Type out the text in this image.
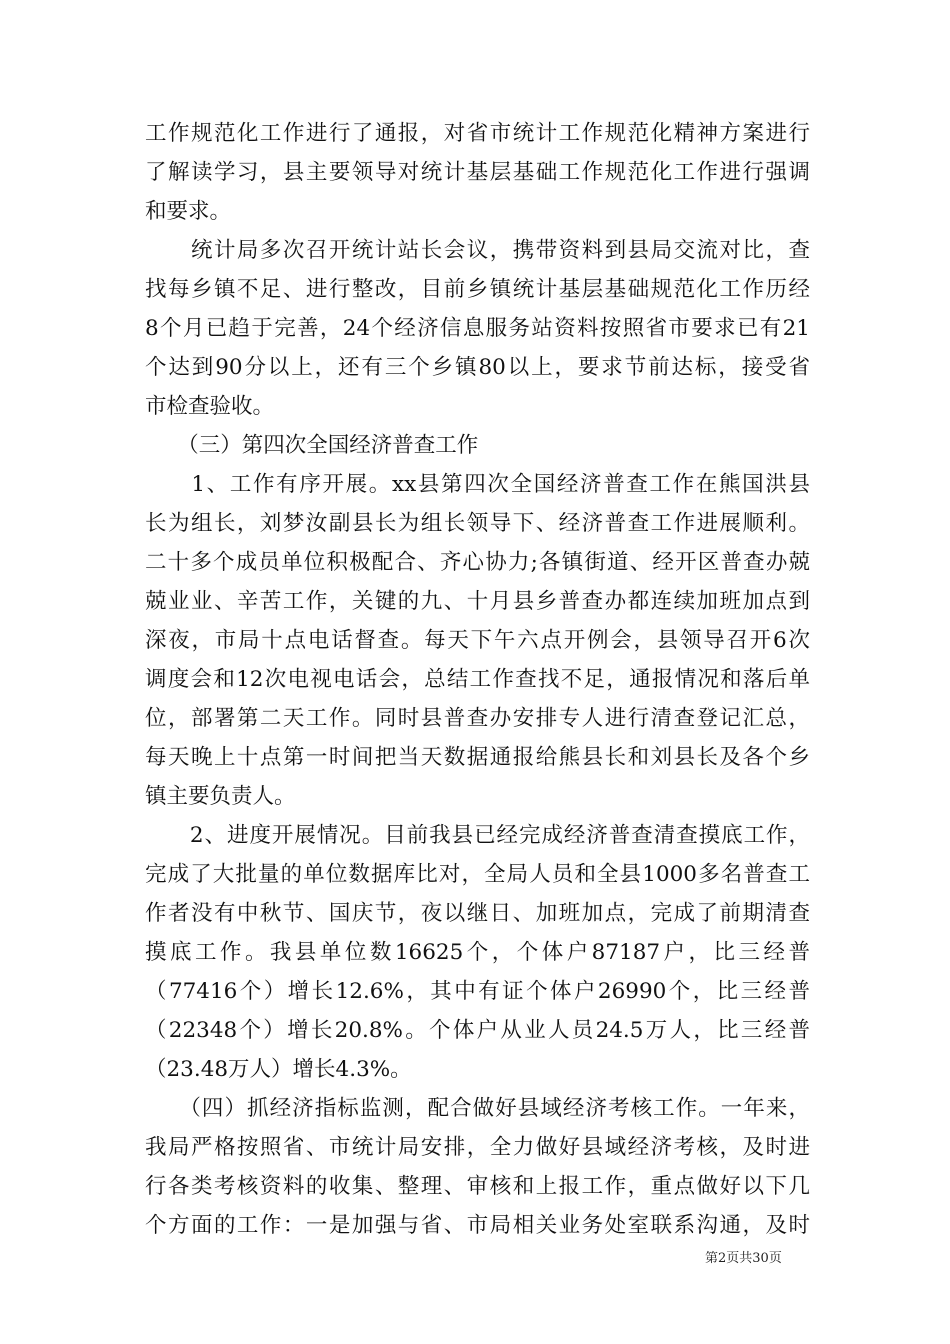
工作规范化工作进行了通报，对省市统计工作规范化精神方案进行
了解读学习，县主要领导对统计基层基础工作规范化工作进行强调
和要求。
　　统计局多次召开统计站长会议，携带资料到县局交流对比，查
找每乡镇不足、进行整改，目前乡镇统计基层基础规范化工作历经
8个月已趋于完善，24个经济信息服务站资料按照省市要求已有21
个达到90分以上，还有三个乡镇80以上，要求节前达标，接受省
市检查验收。
　　（三）第四次全国经济普查工作
　　1、工作有序开展。xx县第四次全国经济普查工作在熊国洪县
长为组长，刘梦汝副县长为组长领导下、经济普查工作进展顺利。
二十多个成员单位积极配合、齐心协力;各镇街道、经开区普查办兢
兢业业、辛苦工作，关键的九、十月县乡普查办都连续加班加点到
深夜，市局十点电话督查。每天下午六点开例会，县领导召开6次
调度会和12次电视电话会，总结工作查找不足，通报情况和落后单
位，部署第二天工作。同时县普查办安排专人进行清查登记汇总，
每天晚上十点第一时间把当天数据通报给熊县长和刘县长及各个乡
镇主要负责人。
　　2、进度开展情况。目前我县已经完成经济普查清查摸底工作，
完成了大批量的单位数据库比对，全局人员和全县1000多名普查工
作者没有中秋节、国庆节，夜以继日、加班加点，完成了前期清查
摸底工作。我县单位数16625个，个体户87187户，比三经普
（77416个）增长12.6%，其中有证个体户26990个，比三经普
（22348个）增长20.8%。个体户从业人员24.5万人，比三经普
（23.48万人）增长4.3%。
　　（四）抓经济指标监测，配合做好县域经济考核工作。一年来，
我局严格按照省、市统计局安排，全力做好县域经济考核，及时进
行各类考核资料的收集、整理、审核和上报工作，重点做好以下几
个方面的工作：一是加强与省、市局相关业务处室联系沟通，及时
第2页共30页
